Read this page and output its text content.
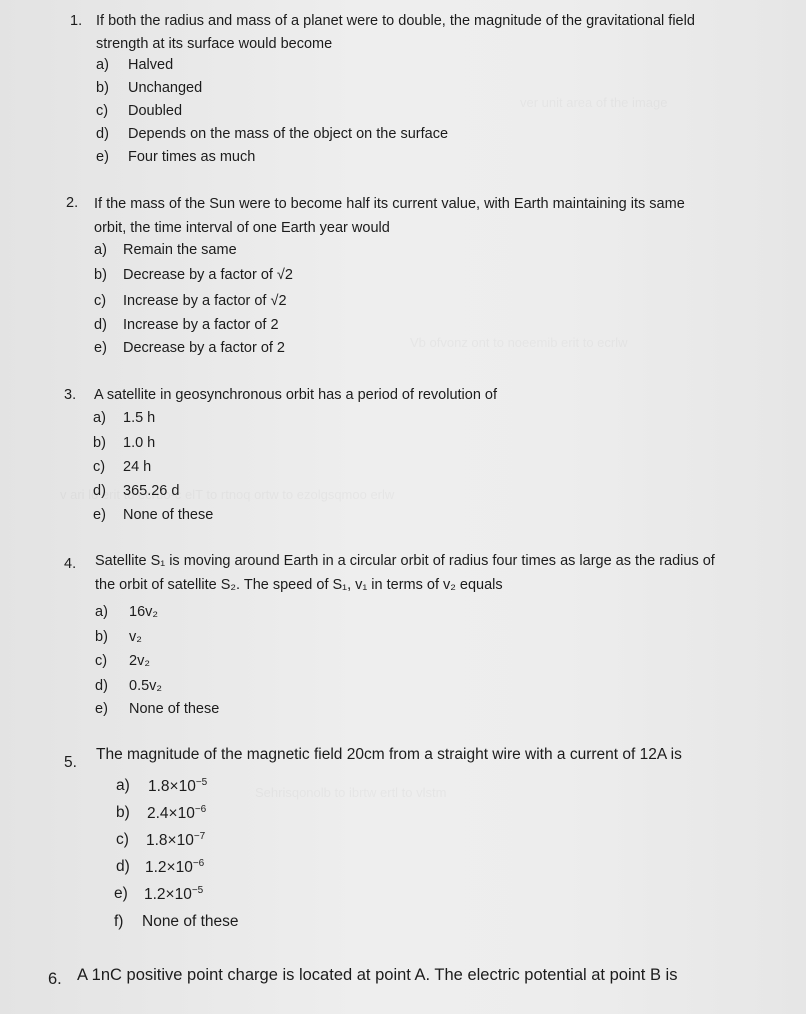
1. If both the radius and mass of a planet were to double, the magnitude of the gravitational field
strength at its surface would become
a) Halved
b) Unchanged
c) Doubled
d) Depends on the mass of the object on the surface
e) Four times as much
2. If the mass of the Sun were to become half its current value, with Earth maintaining its same
orbit, the time interval of one Earth year would
a) Remain the same
b) Decrease by a factor of √2
c) Increase by a factor of √2
d) Increase by a factor of 2
e) Decrease by a factor of 2
3. A satellite in geosynchronous orbit has a period of revolution of
a) 1.5 h
b) 1.0 h
c) 24 h
d) 365.26 d
e) None of these
4. Satellite S₁ is moving around Earth in a circular orbit of radius four times as large as the radius of
the orbit of satellite S₂. The speed of S₁, v₁ in terms of v₂ equals
a) 16v₂
b) v₂
c) 2v₂
d) 0.5v₂
e) None of these
5. The magnitude of the magnetic field 20cm from a straight wire with a current of 12A is
a) $1.8\times 10^{-5}$
b) $2.4\times 10^{-6}$
c) $1.8\times 10^{-7}$
d) $1.2\times 10^{-6}$
e) $1.2\times 10^{-5}$
f) None of these
6. A 1nC positive point charge is located at point A. The electric potential at point B is
